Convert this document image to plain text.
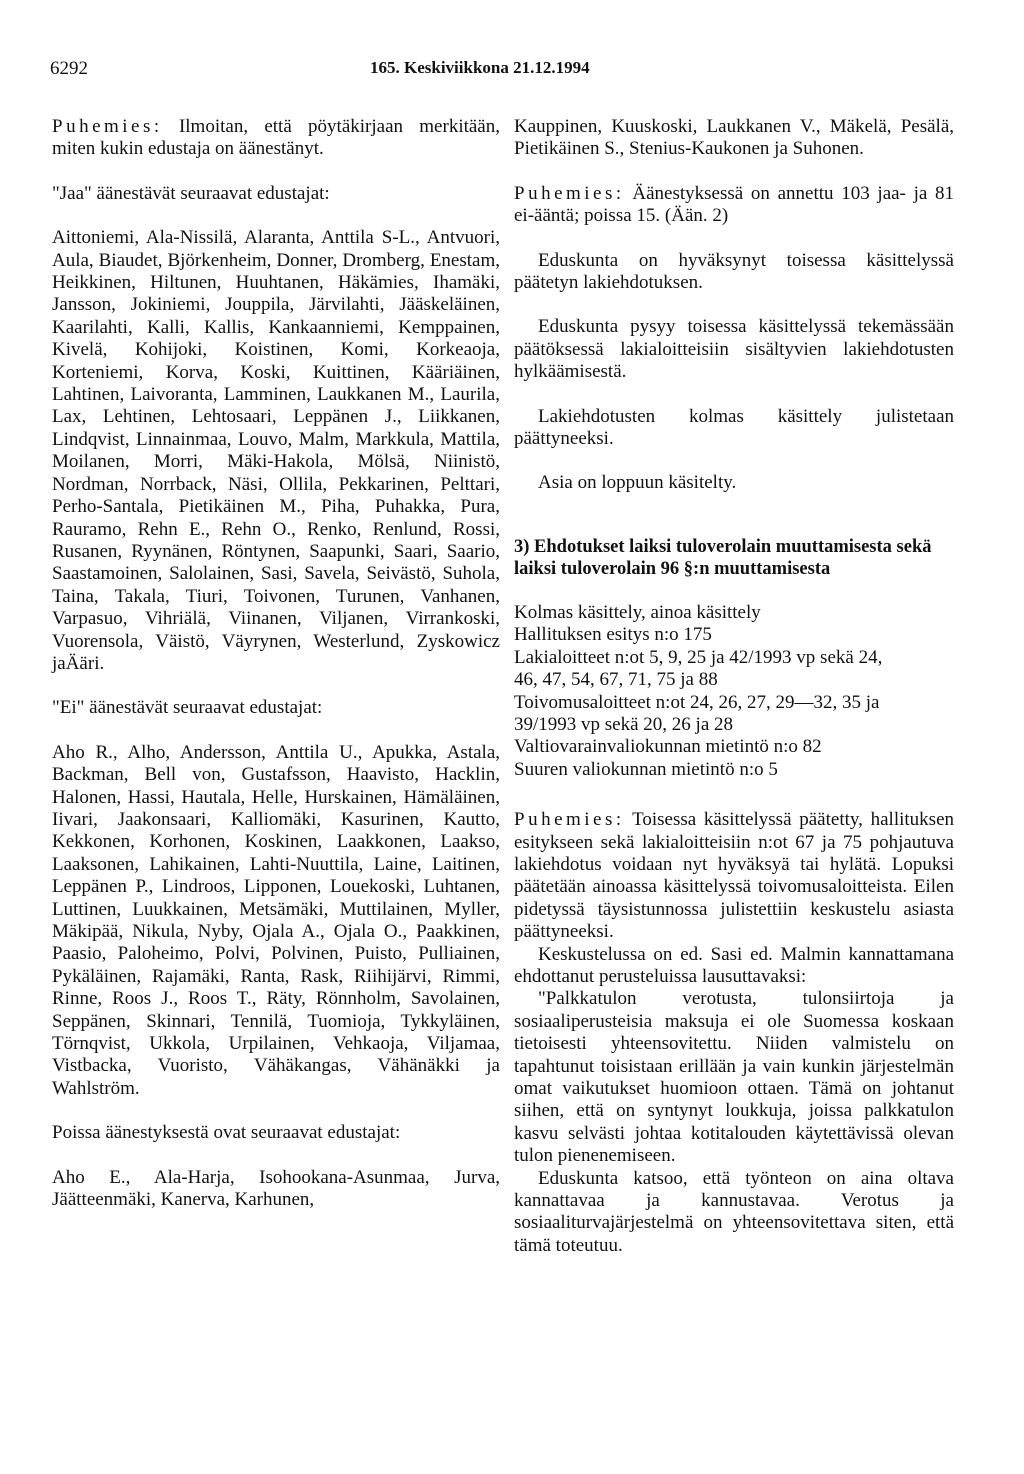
6292	165. Keskiviikkona 21.12.1994

Puhemies: Ilmoitan, että pöytäkirjaan merkitään, miten kukin edustaja on äänestänyt.

"Jaa" äänestävät seuraavat edustajat:

Aittoniemi, Ala-Nissilä, Alaranta, Anttila S-L., Antvuori, Aula, Biaudet, Björkenheim, Donner, Dromberg, Enestam, Heikkinen, Hiltunen, Huuhtanen, Häkämies, Ihamäki, Jansson, Jokiniemi, Jouppila, Järvilahti, Jääskeläinen, Kaarilahti, Kalli, Kallis, Kankaanniemi, Kemppainen, Kivelä, Kohijoki, Koistinen, Komi, Korkeaoja, Korteniemi, Korva, Koski, Kuittinen, Kääriäinen, Lahtinen, Laivoranta, Lamminen, Laukkanen M., Laurila, Lax, Lehtinen, Lehtosaari, Leppänen J., Liikkanen, Lindqvist, Linnainmaa, Louvo, Malm, Markkula, Mattila, Moilanen, Morri, Mäki-Hakola, Mölsä, Niinistö, Nordman, Norrback, Näsi, Ollila, Pekkarinen, Pelttari, Perho-Santala, Pietikäinen M., Piha, Puhakka, Pura, Rauramo, Rehn E., Rehn O., Renko, Renlund, Rossi, Rusanen, Ryynänen, Röntynen, Saapunki, Saari, Saario, Saastamoinen, Salolainen, Sasi, Savela, Seivästö, Suhola, Taina, Takala, Tiuri, Toivonen, Turunen, Vanhanen, Varpasuo, Vihriälä, Viinanen, Viljanen, Virrankoski, Vuorensola, Väistö, Väyrynen, Westerlund, Zyskowicz jaÄäri.

"Ei" äänestävät seuraavat edustajat:

Aho R., Alho, Andersson, Anttila U., Apukka, Astala, Backman, Bell von, Gustafsson, Haavisto, Hacklin, Halonen, Hassi, Hautala, Helle, Hurskainen, Hämäläinen, Iivari, Jaakonsaari, Kalliomäki, Kasurinen, Kautto, Kekkonen, Korhonen, Koskinen, Laakkonen, Laakso, Laaksonen, Lahikainen, Lahti-Nuuttila, Laine, Laitinen, Leppänen P., Lindroos, Lipponen, Louekoski, Luhtanen, Luttinen, Luukkainen, Metsämäki, Muttilainen, Myller, Mäkipää, Nikula, Nyby, Ojala A., Ojala O., Paakkinen, Paasio, Paloheimo, Polvi, Polvinen, Puisto, Pulliainen, Pykäläinen, Rajamäki, Ranta, Rask, Riihijärvi, Rimmi, Rinne, Roos J., Roos T., Räty, Rönnholm, Savolainen, Seppänen, Skinnari, Tennilä, Tuomioja, Tykkyläinen, Törnqvist, Ukkola, Urpilainen, Vehkaoja, Viljamaa, Vistbacka, Vuoristo, Vähäkangas, Vähänäkki ja Wahlström.

Poissa äänestyksestä ovat seuraavat edustajat:

Aho E., Ala-Harja, Isohookana-Asunmaa, Jurva, Jäätteenmäki, Kanerva, Karhunen,

Kauppinen, Kuuskoski, Laukkanen V., Mäkelä, Pesälä, Pietikäinen S., Stenius-Kaukonen ja Suhonen.

Puhemies: Äänestyksessä on annettu 103 jaa- ja 81 ei-ääntä; poissa 15. (Ään. 2)

Eduskunta on hyväksynyt toisessa käsittelyssä päätetyn lakiehdotuksen.

Eduskunta pysyy toisessa käsittelyssä tekemässään päätöksessä lakialoitteisiin sisältyvien lakiehdotusten hylkäämisestä.

Lakiehdotusten kolmas käsittely julistetaan päättyneeksi.

Asia on loppuun käsitelty.

3) Ehdotukset laiksi tuloverolain muuttamisesta sekä laiksi tuloverolain 96 §:n muuttamisesta

Kolmas käsittely, ainoa käsittely
Hallituksen esitys n:o 175
Lakialoitteet n:ot 5, 9, 25 ja 42/1993 vp sekä 24,
46, 47, 54, 67, 71, 75 ja 88
Toivomusaloitteet n:ot 24, 26, 27, 29—32, 35 ja
39/1993 vp sekä 20, 26 ja 28
Valtiovarainvaliokunnan mietintö n:o 82
Suuren valiokunnan mietintö n:o 5

Puhemies: Toisessa käsittelyssä päätetty, hallituksen esitykseen sekä lakialoitteisiin n:ot 67 ja 75 pohjautuva lakiehdotus voidaan nyt hyväksyä tai hylätä. Lopuksi päätetään ainoassa käsittelyssä toivomusaloitteista. Eilen pidetyssä täysistunnossa julistettiin keskustelu asiasta päättyneeksi.

Keskustelussa on ed. Sasi ed. Malmin kannattamana ehdottanut perusteluissa lausuttavaksi:

"Palkkatulon verotusta, tulonsiirtoja ja sosiaaliperusteisia maksuja ei ole Suomessa koskaan tietoisesti yhteensovitettu. Niiden valmistelu on tapahtunut toisistaan erillään ja vain kunkin järjestelmän omat vaikutukset huomioon ottaen. Tämä on johtanut siihen, että on syntynyt loukkuja, joissa palkkatulon kasvu selvästi johtaa kotitalouden käytettävissä olevan tulon pienenemiseen.

Eduskunta katsoo, että työnteon on aina oltava kannattavaa ja kannustavaa. Verotus ja sosiaaliturvajärjestelmä on yhteensovitettava siten, että tämä toteutuu.
